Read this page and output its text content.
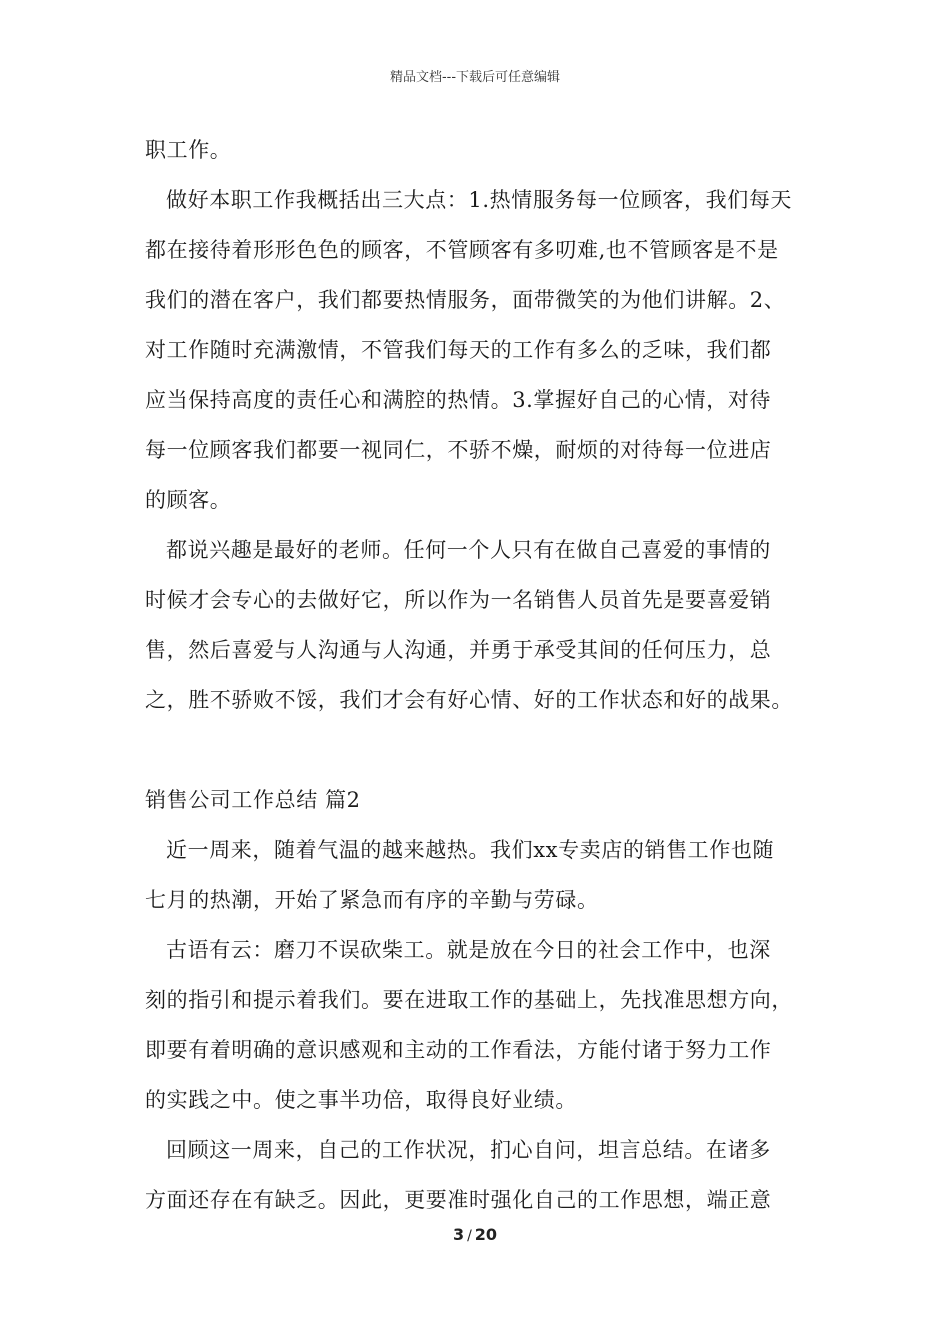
精品文档---下载后可任意编辑
职工作。
做好本职工作我概括出三大点：1.热情服务每一位顾客，我们每天
都在接待着形形色色的顾客，不管顾客有多叨难,也不管顾客是不是
我们的潜在客户，我们都要热情服务，面带微笑的为他们讲解。2、
对工作随时充满激情，不管我们每天的工作有多么的乏味，我们都
应当保持高度的责任心和满腔的热情。3.掌握好自己的心情，对待
每一位顾客我们都要一视同仁，不骄不燥，耐烦的对待每一位进店
的顾客。
都说兴趣是最好的老师。任何一个人只有在做自己喜爱的事情的
时候才会专心的去做好它，所以作为一名销售人员首先是要喜爱销
售，然后喜爱与人沟通与人沟通，并勇于承受其间的任何压力，总
之，胜不骄败不馁，我们才会有好心情、好的工作状态和好的战果。
销售公司工作总结 篇2
近一周来，随着气温的越来越热。我们xx专卖店的销售工作也随
七月的热潮，开始了紧急而有序的辛勤与劳碌。
古语有云：磨刀不误砍柴工。就是放在今日的社会工作中，也深
刻的指引和提示着我们。要在进取工作的基础上，先找准思想方向，
即要有着明确的意识感观和主动的工作看法，方能付诸于努力工作
的实践之中。使之事半功倍，取得良好业绩。
回顾这一周来，自己的工作状况，扪心自问，坦言总结。在诸多
方面还存在有缺乏。因此，更要准时强化自己的工作思想，端正意
3 / 20
